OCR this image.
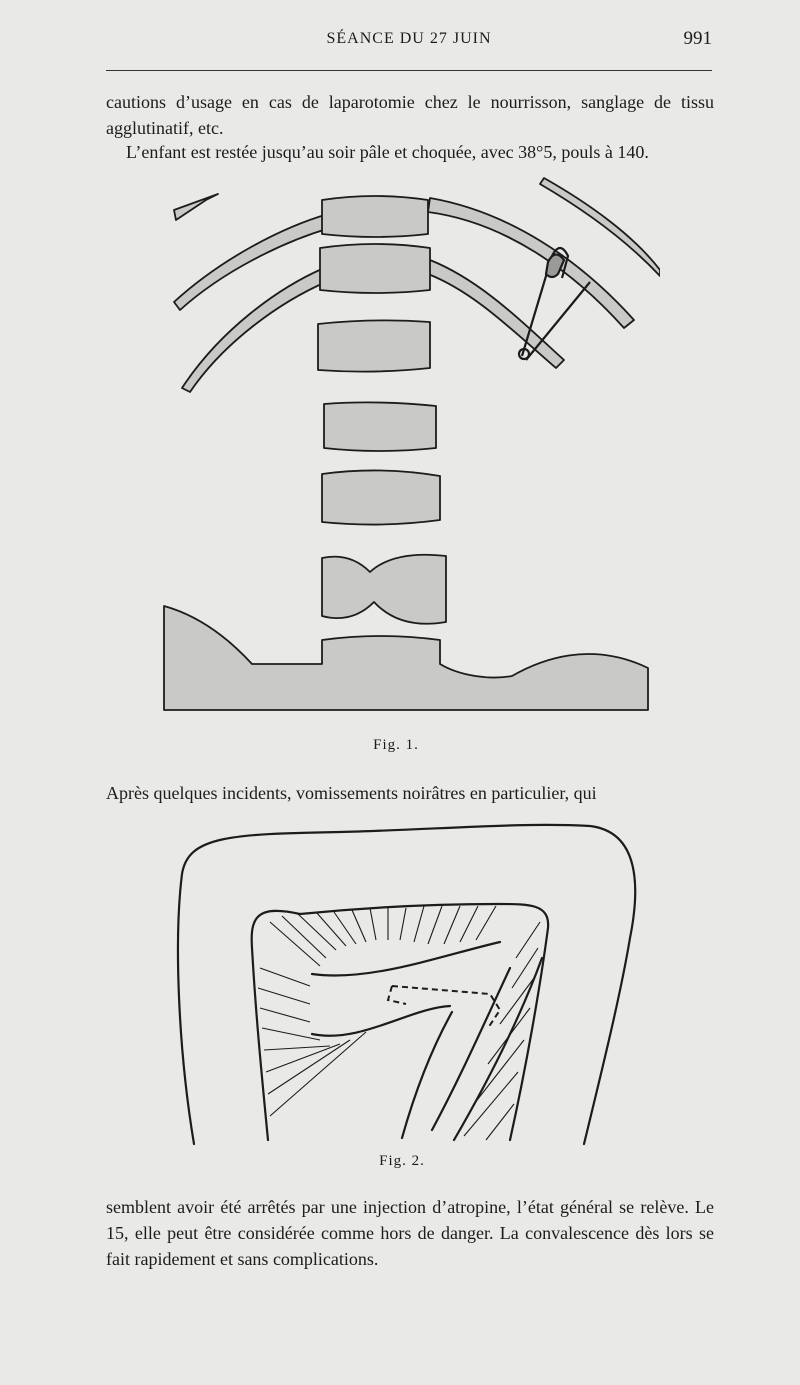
SÉANCE DU 27 JUIN	991

cautions d’usage en cas de laparotomie chez le nourrisson, sanglage de tissu agglutinatif, etc.

L’enfant est restée jusqu’au soir pâle et choquée, avec 38°5, pouls à 140.

Fig. 1.

Après quelques incidents, vomissements noirâtres en particulier, qui

Fig. 2.

semblent avoir été arrêtés par une injection d’atropine, l’état général se relève. Le 15, elle peut être considérée comme hors de danger. La convalescence dès lors se fait rapidement et sans complications.
